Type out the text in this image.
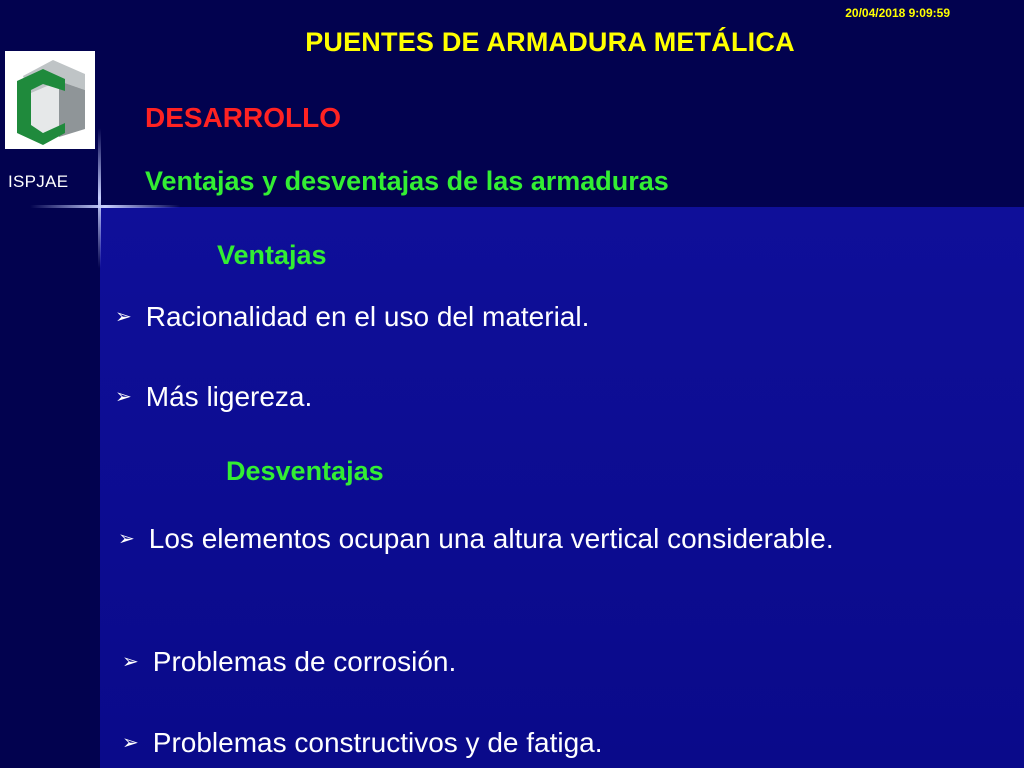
20/04/2018 9:09:59
PUENTES DE ARMADURA METÁLICA
ISPJAE
DESARROLLO
Ventajas y desventajas de las armaduras
Ventajas
➢ Racionalidad en el uso del material.
➢ Más ligereza.
Desventajas
➢ Los elementos ocupan una altura vertical considerable.
➢ Problemas de corrosión.
➢ Problemas constructivos y de fatiga.
